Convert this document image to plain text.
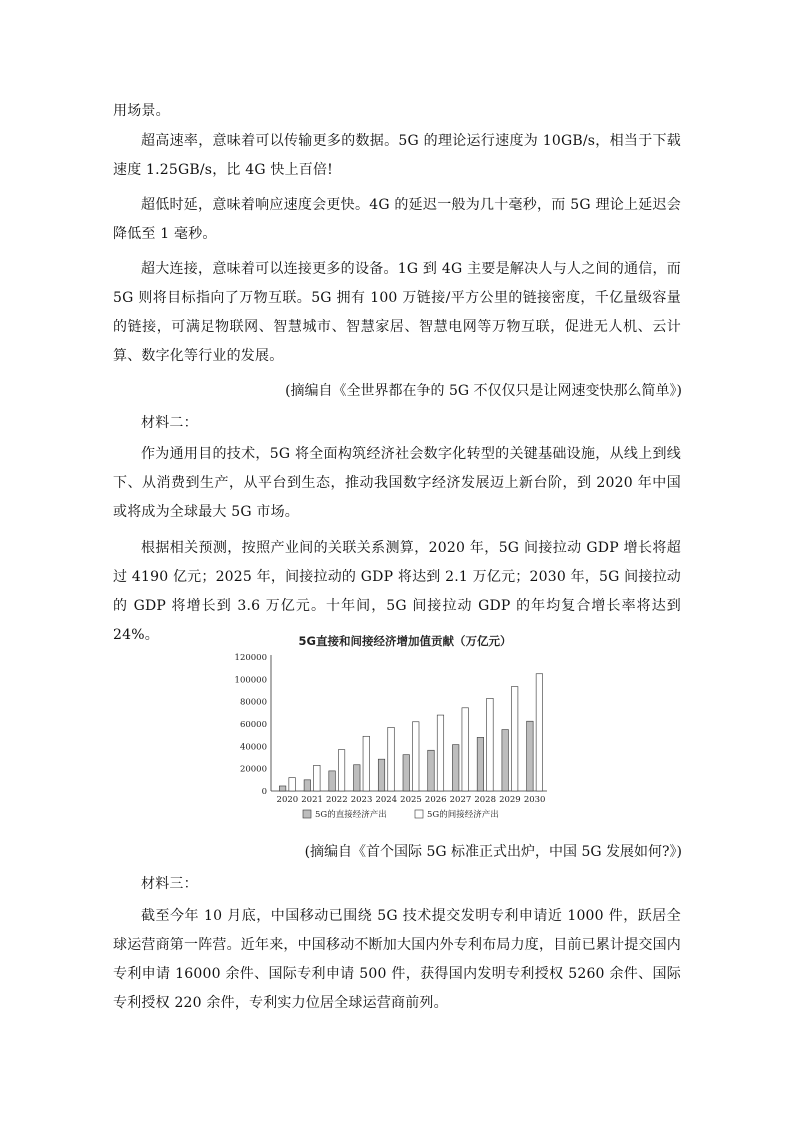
用场景。

超高速率，意味着可以传输更多的数据。5G 的理论运行速度为 10GB/s，相当于下载速度 1.25GB/s，比 4G 快上百倍!

超低时延，意味着响应速度会更快。4G 的延迟一般为几十毫秒，而 5G 理论上延迟会降低至 1 毫秒。

超大连接，意味着可以连接更多的设备。1G 到 4G 主要是解决人与人之间的通信，而 5G 则将目标指向了万物互联。5G 拥有 100 万链接/平方公里的链接密度，千亿量级容量的链接，可满足物联网、智慧城市、智慧家居、智慧电网等万物互联，促进无人机、云计算、数字化等行业的发展。

(摘编自《全世界都在争的 5G 不仅仅只是让网速变快那么简单》)

材料二：

作为通用目的技术，5G 将全面构筑经济社会数字化转型的关键基础设施，从线上到线下、从消费到生产，从平台到生态，推动我国数字经济发展迈上新台阶，到 2020 年中国或将成为全球最大 5G 市场。

根据相关预测，按照产业间的关联关系测算，2020 年，5G 间接拉动 GDP 增长将超过 4190 亿元；2025 年，间接拉动的 GDP 将达到 2.1 万亿元；2030 年，5G 间接拉动的 GDP 将增长到 3.6 万亿元。十年间，5G 间接拉动 GDP 的年均复合增长率将达到 24%。	5G直接和间接经济增加值贡献（万亿元）
0
20000
40000
60000
80000
100000
120000
2020 2021 2022 2023 2024 2025 2026 2027 2028 2029 2030
5G的直接经济产出	5G的间接经济产出

(摘编自《首个国际 5G 标准正式出炉，中国 5G 发展如何?》)

材料三：

截至今年 10 月底，中国移动已围绕 5G 技术提交发明专利申请近 1000 件，跃居全球运营商第一阵营。近年来，中国移动不断加大国内外专利布局力度，目前已累计提交国内专利申请 16000 余件、国际专利申请 500 件，获得国内发明专利授权 5260 余件、国际专利授权 220 余件，专利实力位居全球运营商前列。
